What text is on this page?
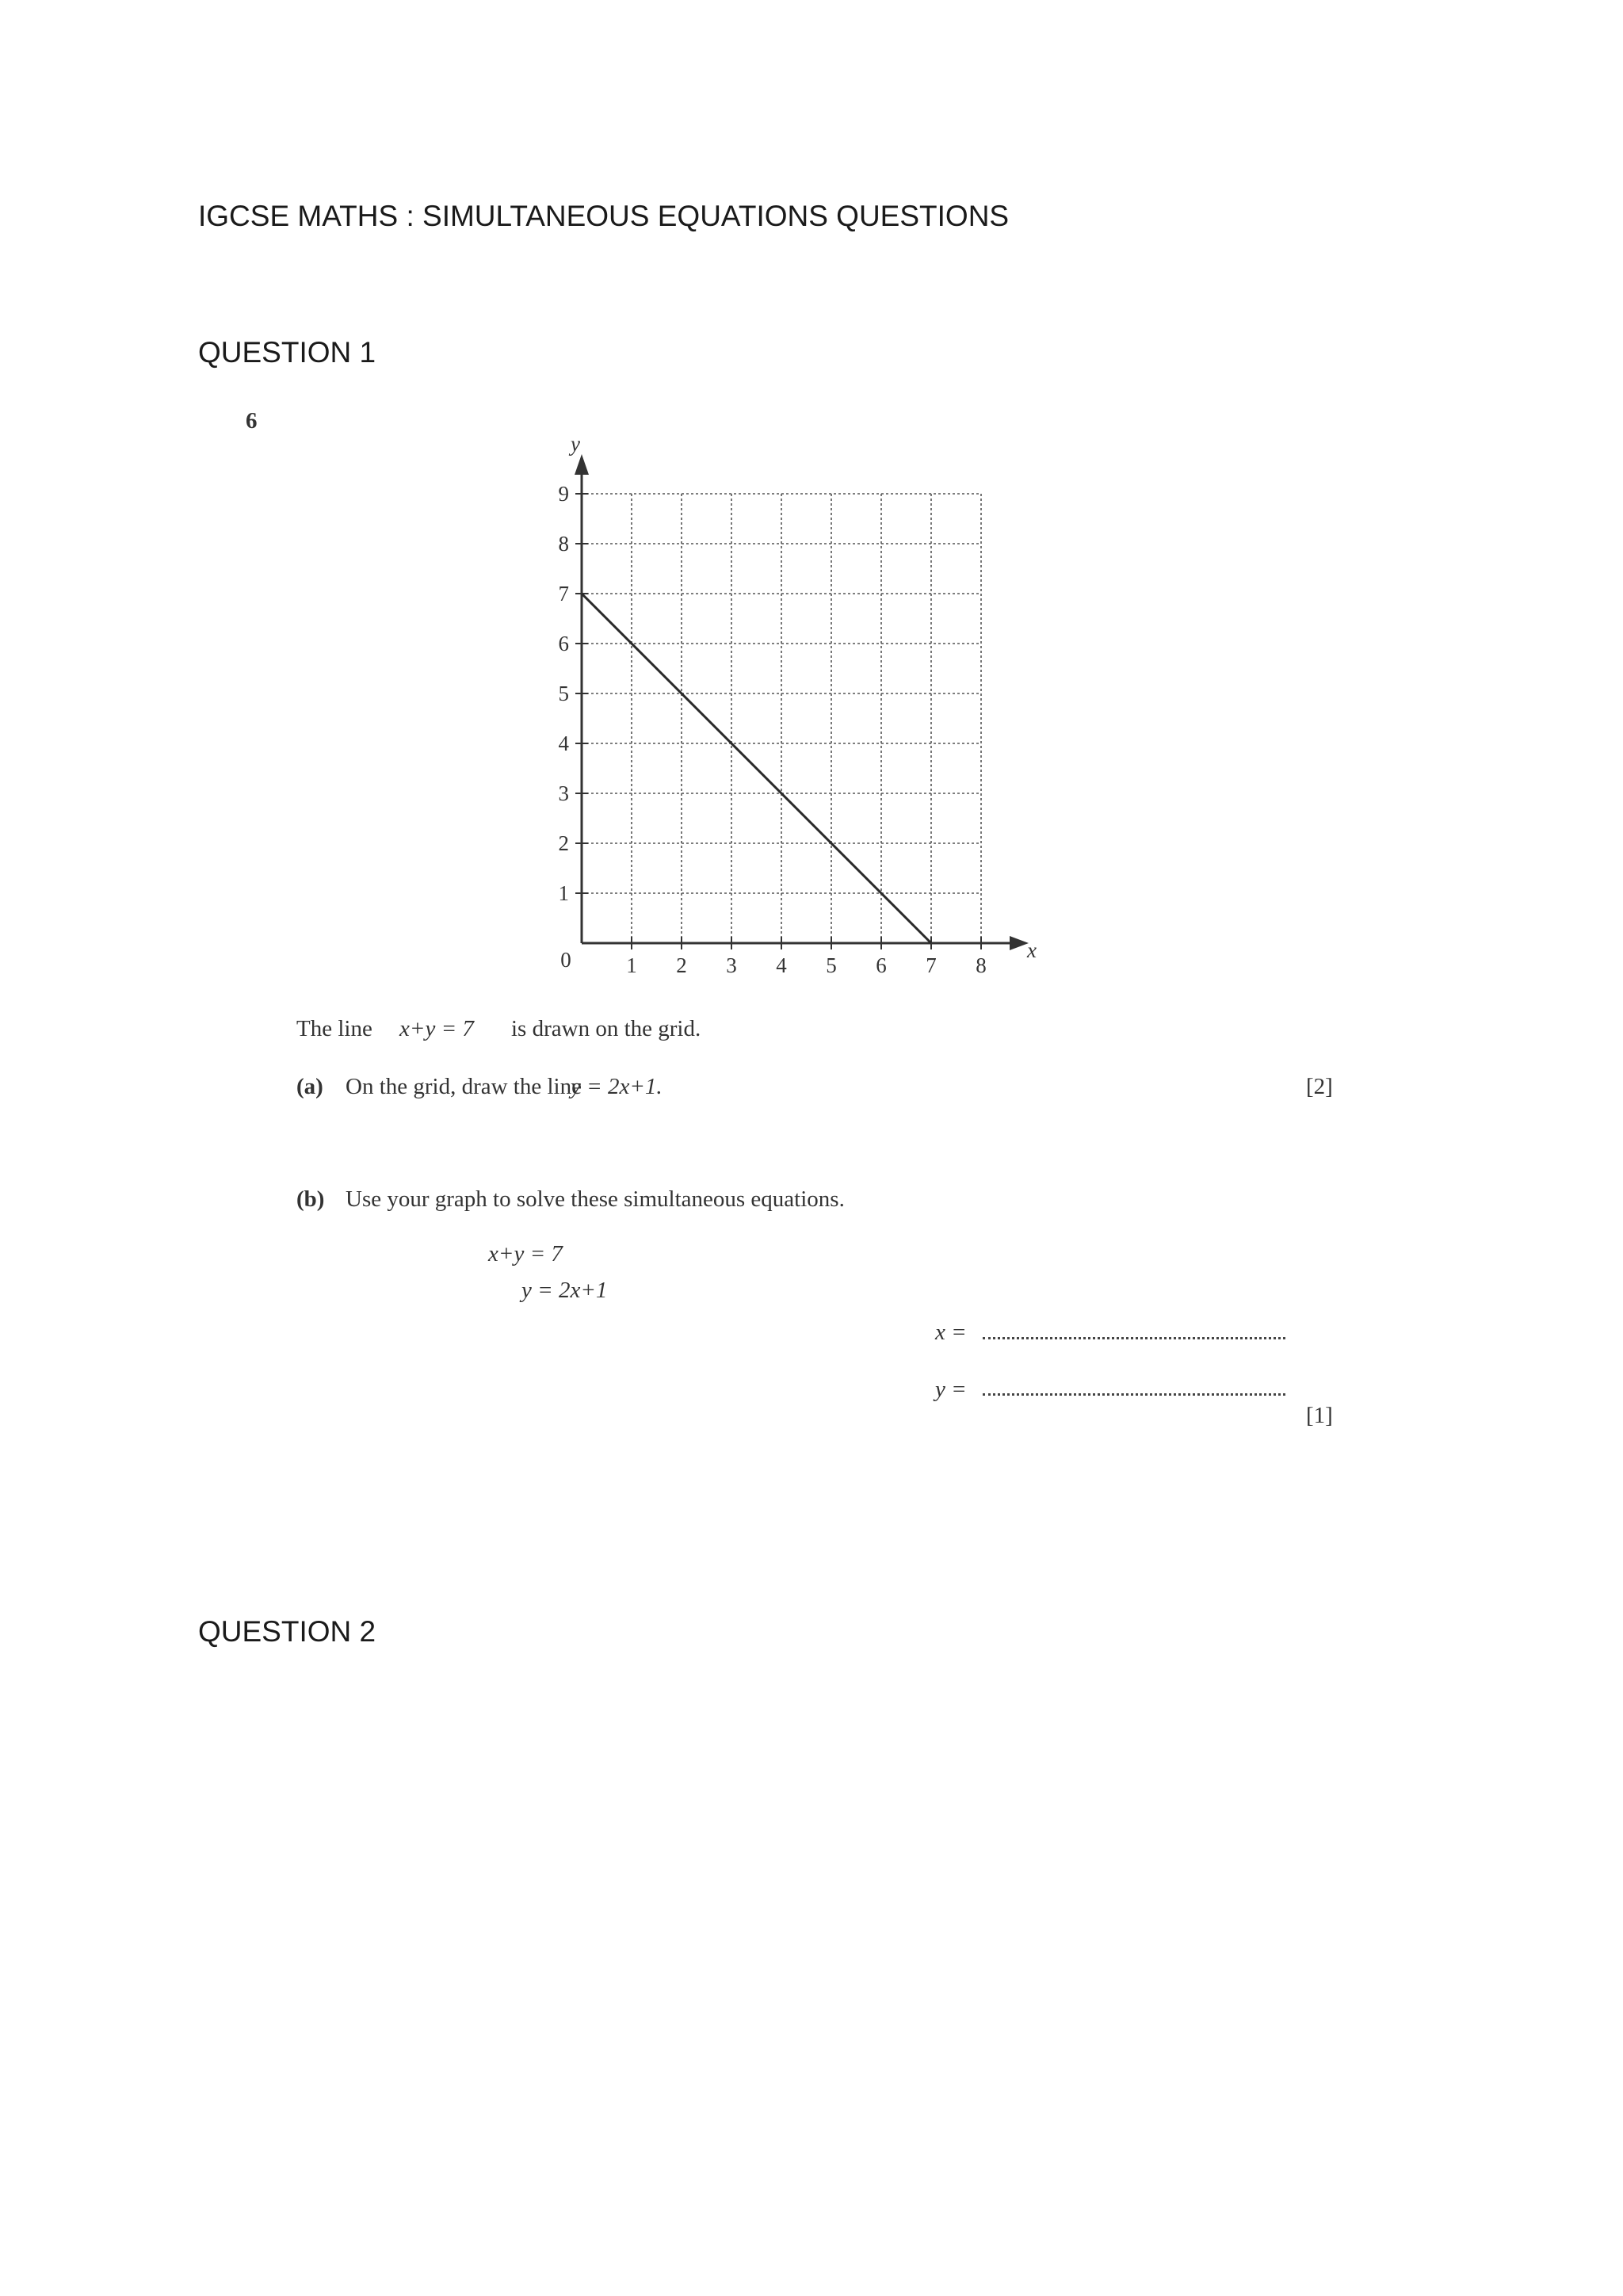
IGCSE MATHS : SIMULTANEOUS EQUATIONS QUESTIONS
QUESTION 1
6
1 2 3 4 5 6 7 8
1
2
3
4
5
6
7
8
9
x
y
0
The line x+y = 7 is drawn on the grid.
(a) On the grid, draw the line
y = 2x+1.	[2]
(b) Use your graph to solve these simultaneous equations.
x+y = 7
y = 2x+1
x =
y =
[1]
QUESTION 2
